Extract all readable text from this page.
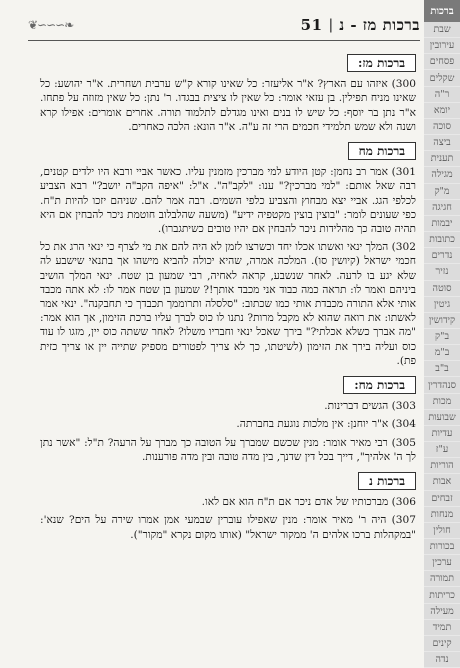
ברכות
שבת
עירובין
פסחים
שקלים
ר"ה
יומא
סוכה
ביצה
תענית
מגילה
מ"ק
חגיגה
יבמות
כתובות
נדרים
נזיר
סוטה
גיטין
קידושין
ב"ק
ב"מ
ב"ב
סנהדרין
מכות
שבועות
עדיות
ע"ז
הוריות
אבות
זבחים
מנחות
חולין
בכורות
ערכין
תמורה
כריתות
מעילה
תמיד
קינים
נדה
ברכות מז - נ
|
51
❧∼∼∼❦
ברכות מז:

300) איזהו עם הארץ? א"ר אליעזר: כל שאינו קורא ק"ש ערבית ושחרית. א"ר יהושע: כל שאינו מניח תפילין. בן עזאי אומר: כל שאין לו ציצית בבגדו. ר' נתן: כל שאין מזוזה על פתחו. א"ר נתן בר יוסף: כל שיש לו בנים ואינו מגדלם לתלמוד תורה. אחרים אומרים: אפילו קרא ושנה ולא שמש תלמידי חכמים הרי זה ע"ה. א"ר הונא: הלכה כאחרים.

ברכות מח

301) אמר רב נחמן: קטן היודע למי מברכין מזמנין עליו. כאשר אביי ורבא היו ילדים קטנים, רבה שאל אותם: "למי מברכין?" ענו: "לקב"ה". א"ל: "איפה הקב"ה יושב?" רבא הצביע לכלפי הגג. אביי יצא מבחוץ והצביע כלפי השמים. רבה אמר להם. שניהם יזכו להיות ת"ח. כפי שעונים לומר: "בוצין בוצין מקטפיה ידיע" (משעה שהלבלוב חוטמת ניכר להבחין אם היא תהיה טובה כך מהלידות ניכר להבחין אם יהיו טובים כשיתגברו).

302) המלך ינאי ואשתו אכלו יחד וכשרצו לזמן לא היה להם את מי לצרף כי ינאי הרג את כל חכמי ישראל (קיושין סו). המלכה אמרה, שהיא יכולה להביא מישהו אך בתנאי שישבע לה שלא יגע בו לרעה. לאחר שנשבע, קראה לאחיה, רבי שמעון בן שטח. ינאי המלך הושיב ביניהם ואמר לו: תראה כמה כבוד אני מכבד אותך!? שמעון בן שטח אמר לו: לא אתה מכבד אותי אלא התורה מכבדת אותי כמו שכתוב: "סלסלה ותרוממך תכבדך כי תחבקנה". ינאי אמר לאשתו: את רואה שהוא לא מקבל מרות? נתנו לו כוס לברך עליו ברכת הזימון, אך הוא אמר: "מה אברך כשלא אכלתי?" בירך שאכל ינאי וחבריו משלו? לאחר ששתה כוס יין, מזגו לו עוד כוס ועליה בירך את הזימון (לשיטתו, כך לא צריך לפטורים מספיק שתייה יין או צריך כזית פת).

ברכות מח:

303) הגשים דברינות.

304) א"ר יוחנן: אין מלכות נוגעת בחברתה.

305) רבי מאיר אומר: מנין שכשם שמברך על הטובה כך מברך על הרעה? ת"ל: "אשר נתן לך ה' אלהיך", דייך בכל דין שדנך, בין מדה טובה ובין מדה פורענות.

ברכות נ

306) מברכותיו של אדם ניכר אם ת"ח הוא אם לאו.

307) היה ר' מאיר אומר: מנין שאפילו עוברין שבמעי אמן אמרו שירה על הים? שנא': "במקהלות ברכו אלהים ה' ממקור ישראל" (אותו מקום נקרא "מקור").
